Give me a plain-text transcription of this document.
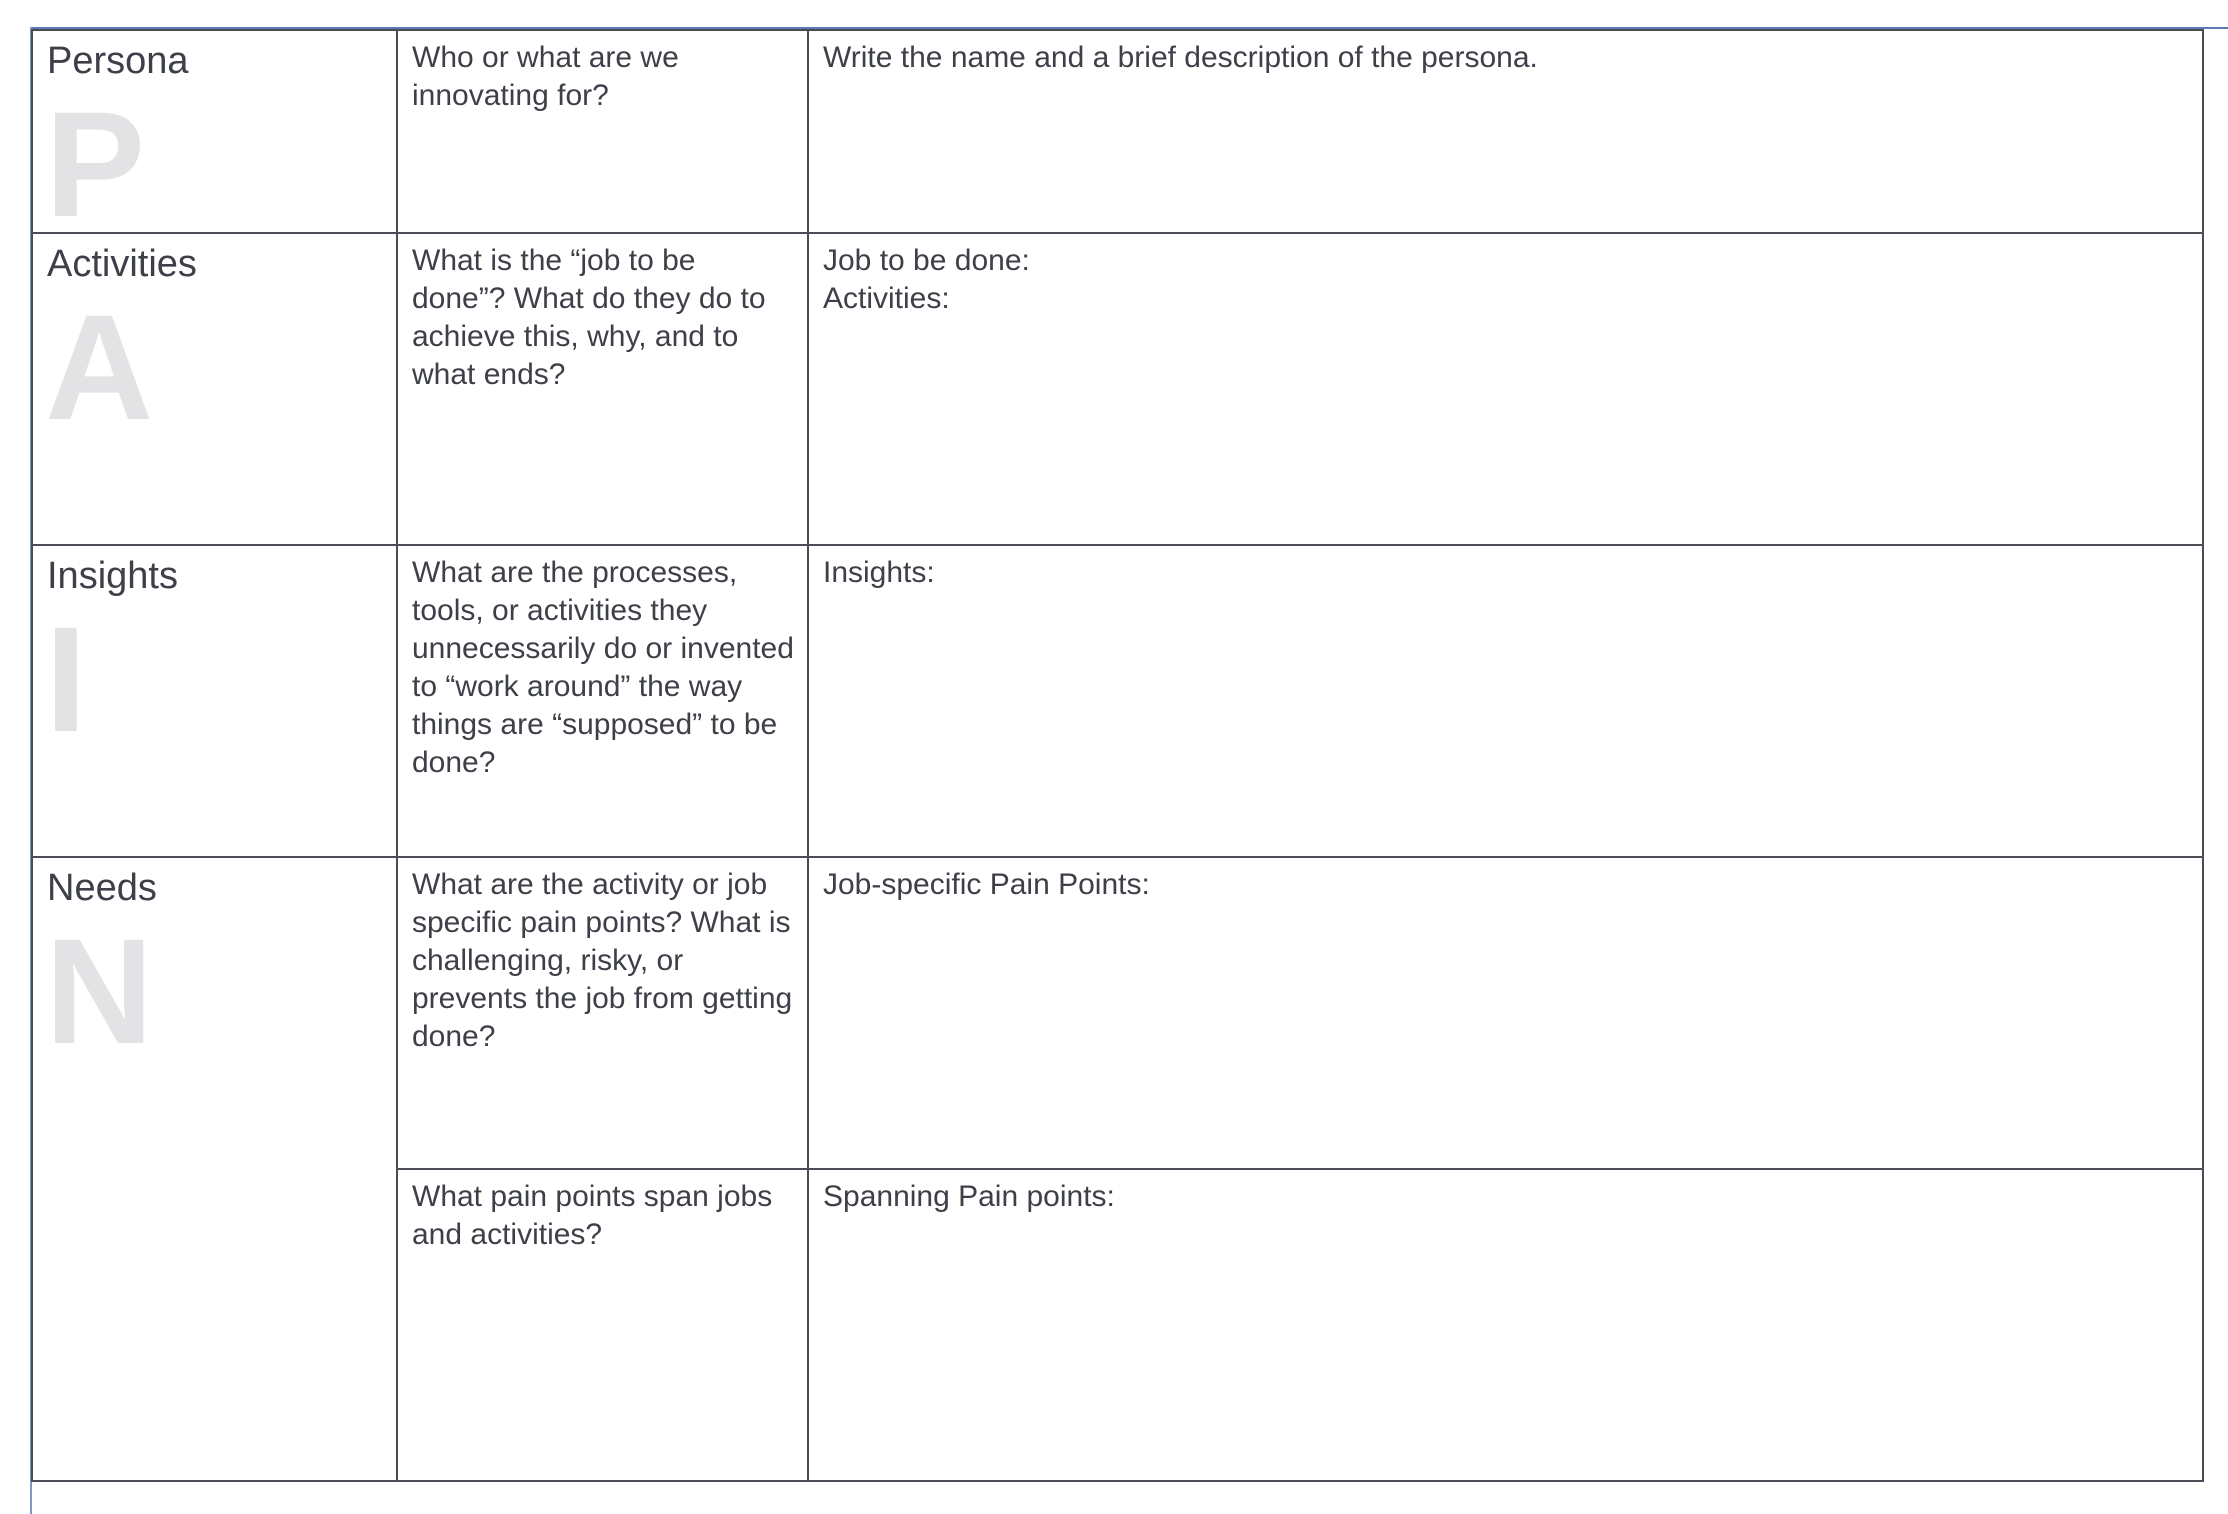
Persona
P	Who or what are we innovating for?	Write the name and a brief description of the persona.

Activities
A	What is the “job to be done”? What do they do to achieve this, why, and to what ends?	Job to be done:
Activities:

Insights
I	What are the processes, tools, or activities they unnecessarily do or invented to “work around” the way things are “supposed” to be done?	Insights:

Needs
N	What are the activity or job specific pain points? What is challenging, risky, or prevents the job from getting done?	Job-specific Pain Points:

	What pain points span jobs and activities?	Spanning Pain points:
